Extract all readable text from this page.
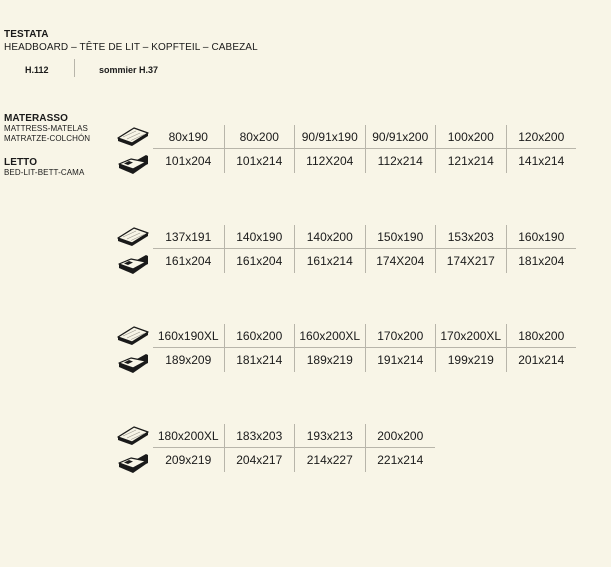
TESTATA
HEADBOARD – TÊTE DE LIT – KOPFTEIL – CABEZAL
H.112	sommier H.37
MATERASSO
MATTRESS-MATELAS
MATRATZE-COLCHÓN
LETTO
BED-LIT-BETT-CAMA
80x190	80x200	90/91x190	90/91x200	100x200	120x200
101x204	101x214	112X204	112x214	121x214	141x214
137x191	140x190	140x200	150x190	153x203	160x190
161x204	161x204	161x214	174X204	174X217	181x204
160x190XL	160x200	160x200XL	170x200	170x200XL	180x200
189x209	181x214	189x219	191x214	199x219	201x214
180x200XL	183x203	193x213	200x200
209x219	204x217	214x227	221x214
